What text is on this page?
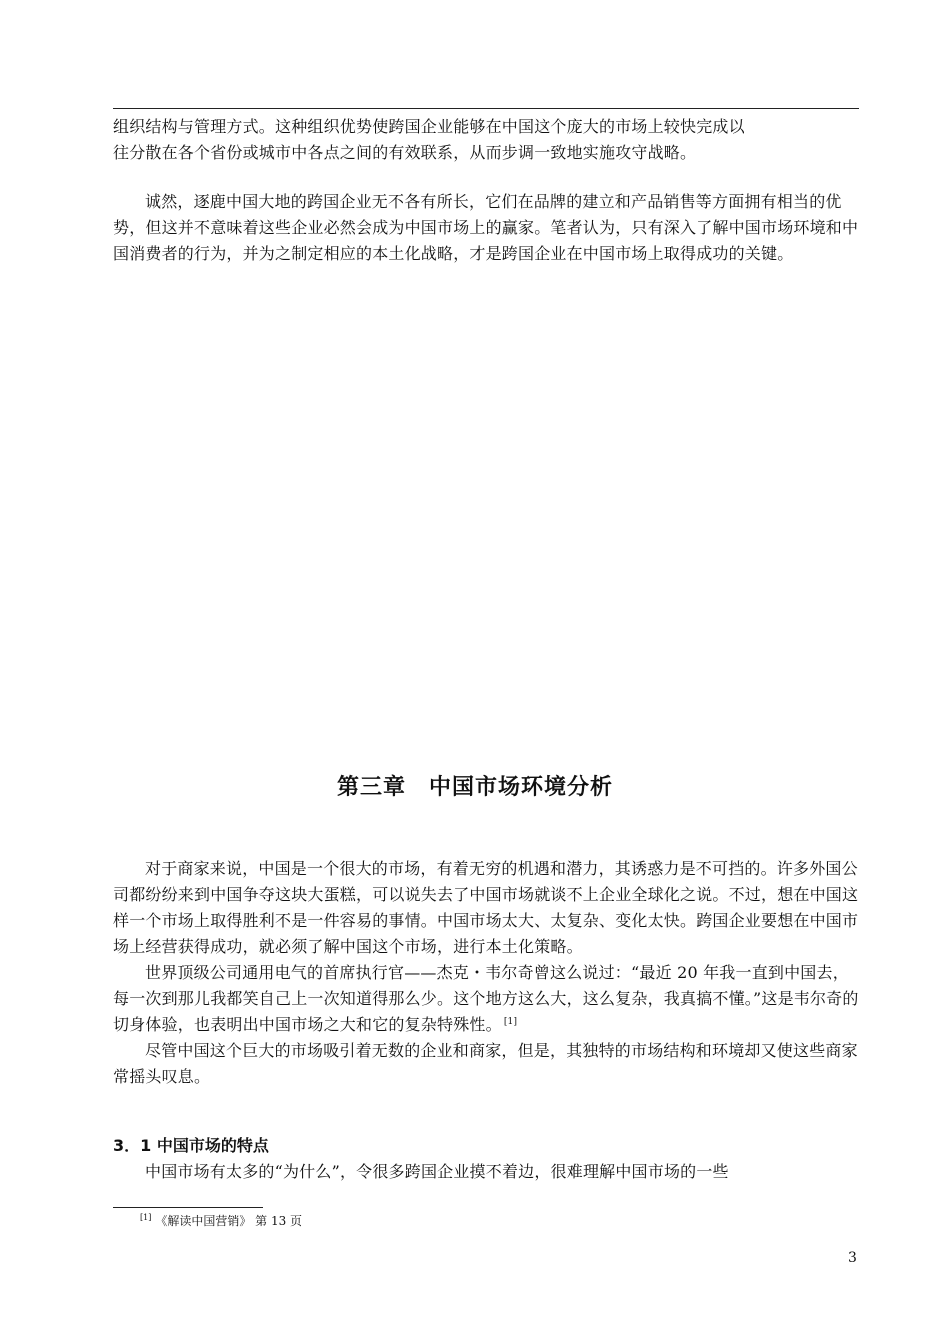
组织结构与管理方式。这种组织优势使跨国企业能够在中国这个庞大的市场上较快完成以

往分散在各个省份或城市中各点之间的有效联系，从而步调一致地实施攻守战略。

诚然，逐鹿中国大地的跨国企业无不各有所长，它们在品牌的建立和产品销售等方面拥有相当的优势，但这并不意味着这些企业必然会成为中国市场上的赢家。笔者认为，只有深入了解中国市场环境和中国消费者的行为，并为之制定相应的本土化战略，才是跨国企业在中国市场上取得成功的关键。

第三章　中国市场环境分析

对于商家来说，中国是一个很大的市场，有着无穷的机遇和潜力，其诱惑力是不可挡的。许多外国公司都纷纷来到中国争夺这块大蛋糕，可以说失去了中国市场就谈不上企业全球化之说。不过，想在中国这样一个市场上取得胜利不是一件容易的事情。中国市场太大、太复杂、变化太快。跨国企业要想在中国市场上经营获得成功，就必须了解中国这个市场，进行本土化策略。

世界顶级公司通用电气的首席执行官——杰克・韦尔奇曾这么说过：“最近 20 年我一直到中国去，每一次到那儿我都笑自己上一次知道得那么少。这个地方这么大，这么复杂，我真搞不懂。”这是韦尔奇的切身体验，也表明出中国市场之大和它的复杂特殊性。 [1]

尽管中国这个巨大的市场吸引着无数的企业和商家，但是，其独特的市场结构和环境却又使这些商家常摇头叹息。

3．1 中国市场的特点

中国市场有太多的“为什么”，令很多跨国企业摸不着边，很难理解中国市场的一些

[1] 《解读中国营销》 第 13 页

3
